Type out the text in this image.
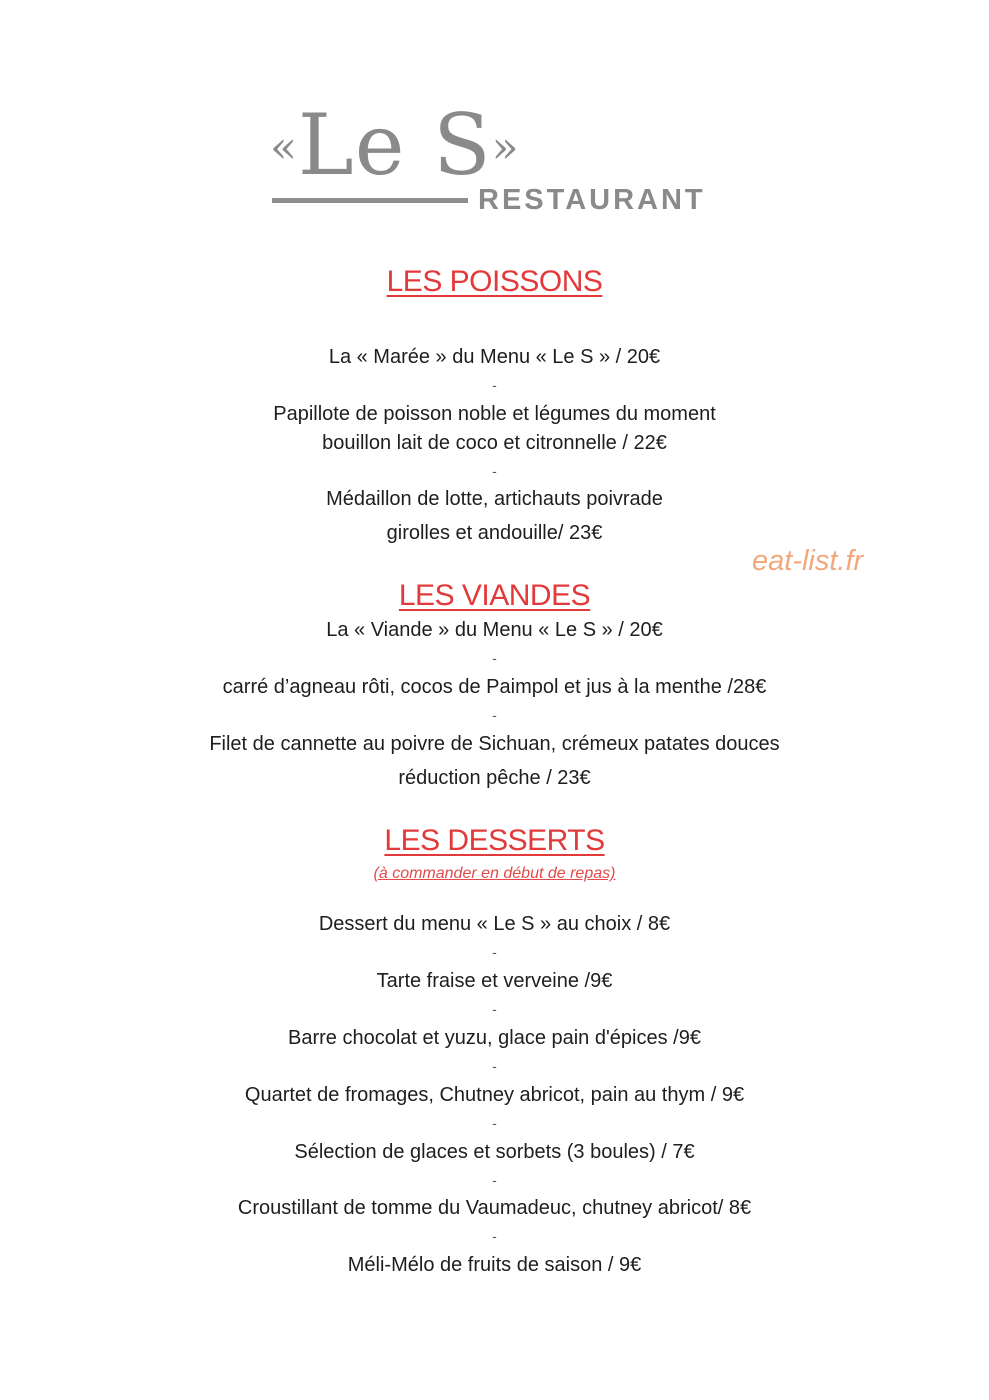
«Le S»
RESTAURANT
LES POISSONS
La « Marée » du Menu « Le S » / 20€
-
Papillote de poisson noble et légumes du moment
bouillon lait de coco et citronnelle / 22€
-
Médaillon de lotte, artichauts poivrade
girolles et andouille/ 23€
eat-list.fr
LES VIANDES
La « Viande » du Menu « Le S » / 20€
-
carré d’agneau rôti, cocos de Paimpol et jus à la menthe /28€
-
Filet de cannette au poivre de Sichuan, crémeux patates douces
réduction pêche / 23€
LES DESSERTS
(à commander en début de repas)
Dessert du menu « Le S » au choix / 8€
-
Tarte fraise et verveine /9€
-
Barre chocolat et yuzu, glace pain d'épices /9€
-
Quartet de fromages, Chutney abricot, pain au thym / 9€
-
Sélection de glaces et sorbets (3 boules) / 7€
-
Croustillant de tomme du Vaumadeuc, chutney abricot/ 8€
-
Méli-Mélo de fruits de saison / 9€
